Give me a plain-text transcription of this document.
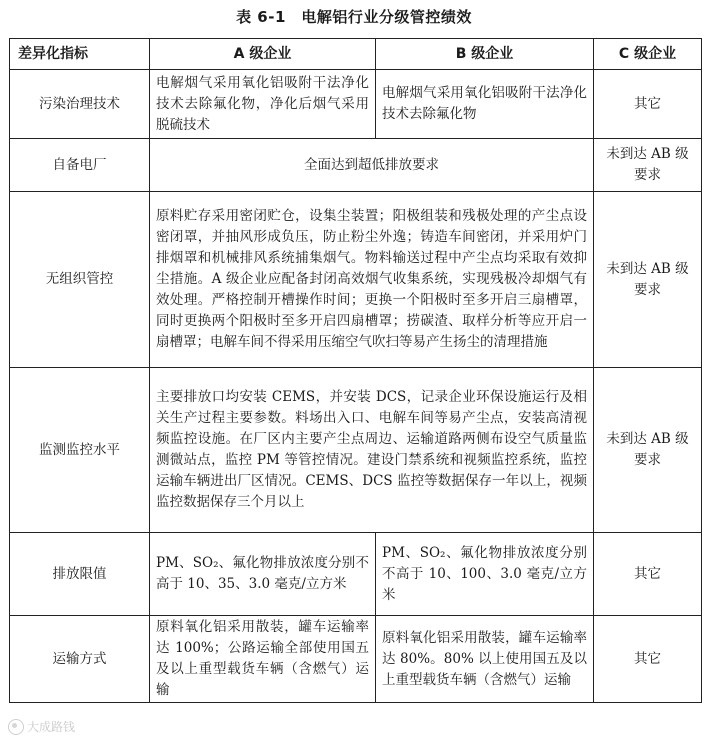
表 6-1　电解铝行业分级管控绩效
差异化指标	A 级企业	B 级企业	C 级企业
污染治理技术	电解烟气采用氧化铝吸附干法净化技术去除氟化物，净化后烟气采用脱硫技术	电解烟气采用氧化铝吸附干法净化技术去除氟化物	其它
自备电厂	全面达到超低排放要求		未到达 AB 级要求
无组织管控	原料贮存采用密闭贮仓，设集尘装置；阳极组装和残极处理的产尘点设密闭罩，并抽风形成负压，防止粉尘外逸；铸造车间密闭，并采用炉门排烟罩和机械排风系统捕集烟气。物料输送过程中产尘点均采取有效抑尘措施。A 级企业应配备封闭高效烟气收集系统，实现残极冷却烟气有效处理。严格控制开槽操作时间；更换一个阳极时至多开启三扇槽罩，同时更换两个阳极时至多开启四扇槽罩；捞碳渣、取样分析等应开启一扇槽罩；电解车间不得采用压缩空气吹扫等易产生扬尘的清理措施		未到达 AB 级要求
监测监控水平	主要排放口均安装 CEMS，并安装 DCS，记录企业环保设施运行及相关生产过程主要参数。料场出入口、电解车间等易产尘点，安装高清视频监控设施。在厂区内主要产尘点周边、运输道路两侧布设空气质量监测微站点，监控 PM 等管控情况。建设门禁系统和视频监控系统，监控运输车辆进出厂区情况。CEMS、DCS 监控等数据保存一年以上，视频监控数据保存三个月以上		未到达 AB 级要求
排放限值	PM、SO₂、氟化物排放浓度分别不高于 10、35、3.0 毫克/立方米	PM、SO₂、氟化物排放浓度分别不高于 10、100、3.0 毫克/立方米	其它
运输方式	原料氧化铝采用散装，罐车运输率达 100%；公路运输全部使用国五及以上重型载货车辆（含燃气）运输	原料氧化铝采用散装，罐车运输率达 80%。80% 以上使用国五及以上重型载货车辆（含燃气）运输	其它
大成路钱
